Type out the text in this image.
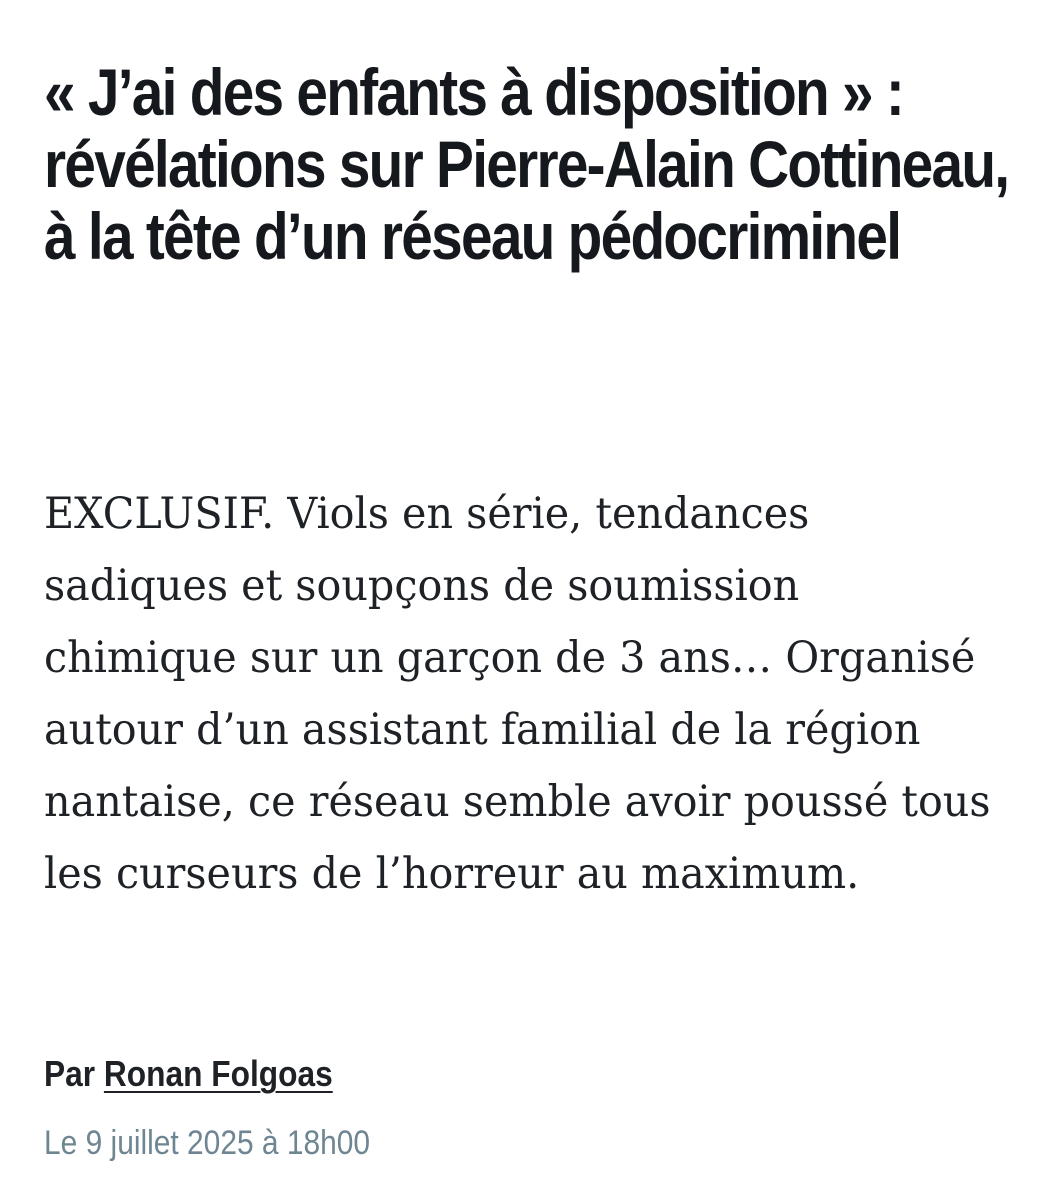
« J’ai des enfants à disposition » : révélations sur Pierre-Alain Cottineau, à la tête d’un réseau pédocriminel

EXCLUSIF. Viols en série, tendances sadiques et soupçons de soumission chimique sur un garçon de 3 ans… Organisé autour d’un assistant familial de la région nantaise, ce réseau semble avoir poussé tous les curseurs de l’horreur au maximum.

Par Ronan Folgoas
Le 9 juillet 2025 à 18h00
